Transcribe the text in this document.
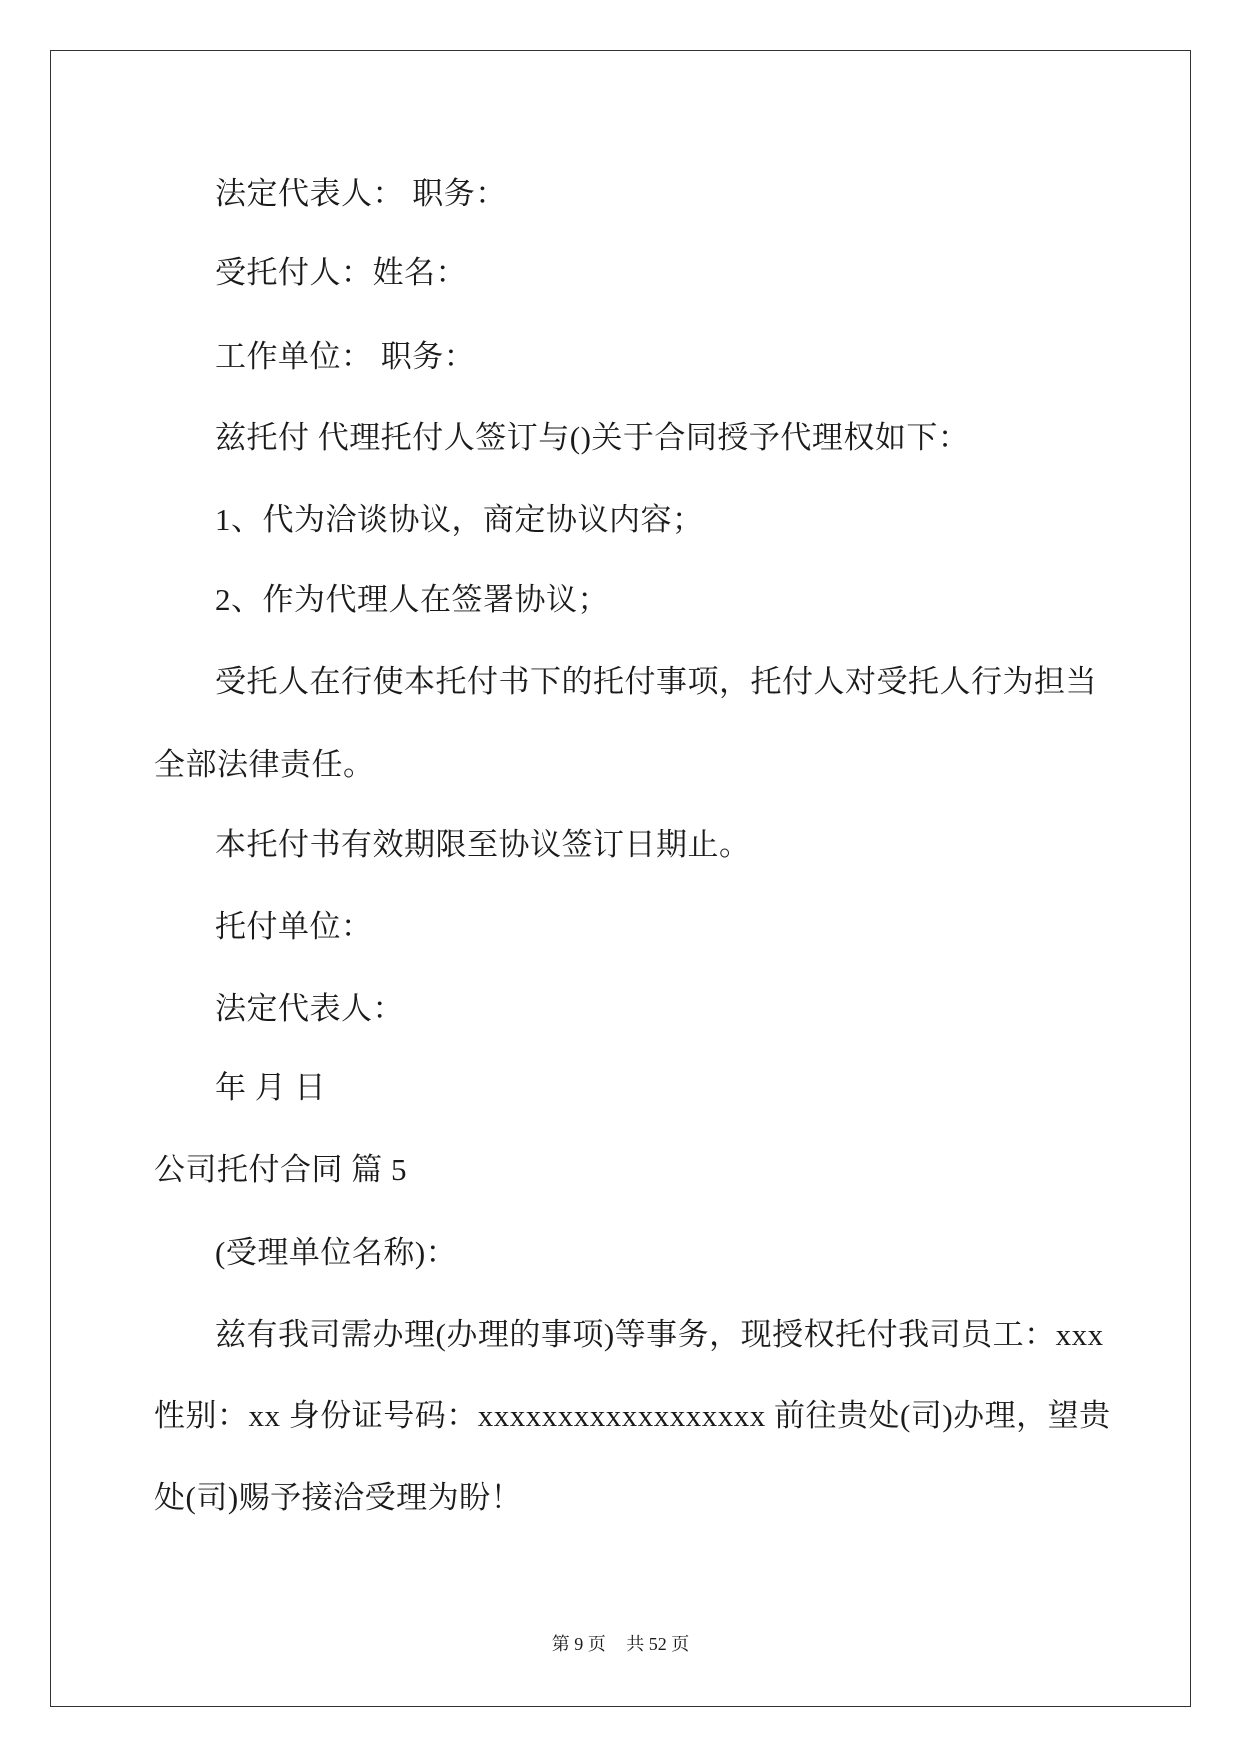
法定代表人： 职务：
受托付人：姓名：
工作单位： 职务：
兹托付 代理托付人签订与()关于合同授予代理权如下：
1、代为洽谈协议，商定协议内容；
2、作为代理人在签署协议；
受托人在行使本托付书下的托付事项，托付人对受托人行为担当
全部法律责任。
本托付书有效期限至协议签订日期止。
托付单位：
法定代表人：
年 月 日
公司托付合同 篇 5
(受理单位名称)：
兹有我司需办理(办理的事项)等事务，现授权托付我司员工：xxx
性别：xx 身份证号码：xxxxxxxxxxxxxxxxxx 前往贵处(司)办理，望贵
处(司)赐予接洽受理为盼！
第 9 页 共 52 页
